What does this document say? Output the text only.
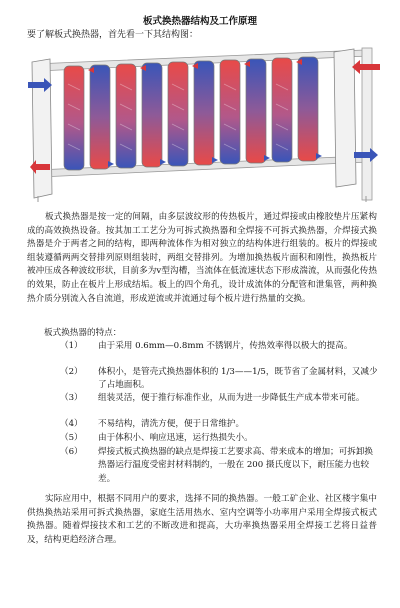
板式换热器结构及工作原理
要了解板式换热器，首先看一下其结构图：
板式换热器是按一定的间隔，由多层波纹形的传热板片，通过焊接或由橡胶垫片压紧构成的高效换热设备。按其加工工艺分为可拆式换热器和全焊接不可拆式换热器，介焊接式换热器是介于两者之间的结构，即两种流体作为相对独立的结构体进行组装的。板片的焊接或组装遵循两两交替排列原则组装时，两组交替排列。为增加换热板片面积和刚性，换热板片被冲压成各种波纹形状，目前多为v型沟槽，当流体在低流速状态下形成湍流，从而强化传热的效果，防止在板片上形成结垢。板上的四个角孔，设计成流体的分配管和泄集管，两种换热介质分别流入各自流道，形成逆流或并流通过每个板片进行热量的交换。
板式换热器的特点：
（1） 由于采用 0.6mm—0.8mm 不锈钢片，传热效率得以极大的提高。
（2） 体积小，是管壳式换热器体积的 1/3——1/5，既节省了金属材料，又减少了占地面积。
（3） 组装灵活，便于推行标准作业，从而为进一步降低生产成本带来可能。
（4） 不易结构，清洗方便，便于日常维护。
（5） 由于体积小、响应迅速，运行热损失小。
（6） 焊接式板式换热器的缺点是焊接工艺要求高、带来成本的增加；可拆卸换热器运行温度受密封材料制约，一般在 200 摄氏度以下，耐压能力也较差。
实际应用中，根据不同用户的要求，选择不同的换热器。一般工矿企业、社区楼宇集中供热换热站采用可拆式换热器，家庭生活用热水、室内空调等小功率用户采用全焊接式板式换热器。随着焊接技术和工艺的不断改进和提高，大功率换热器采用全焊接工艺将日益普及，结构更趋经济合理。
